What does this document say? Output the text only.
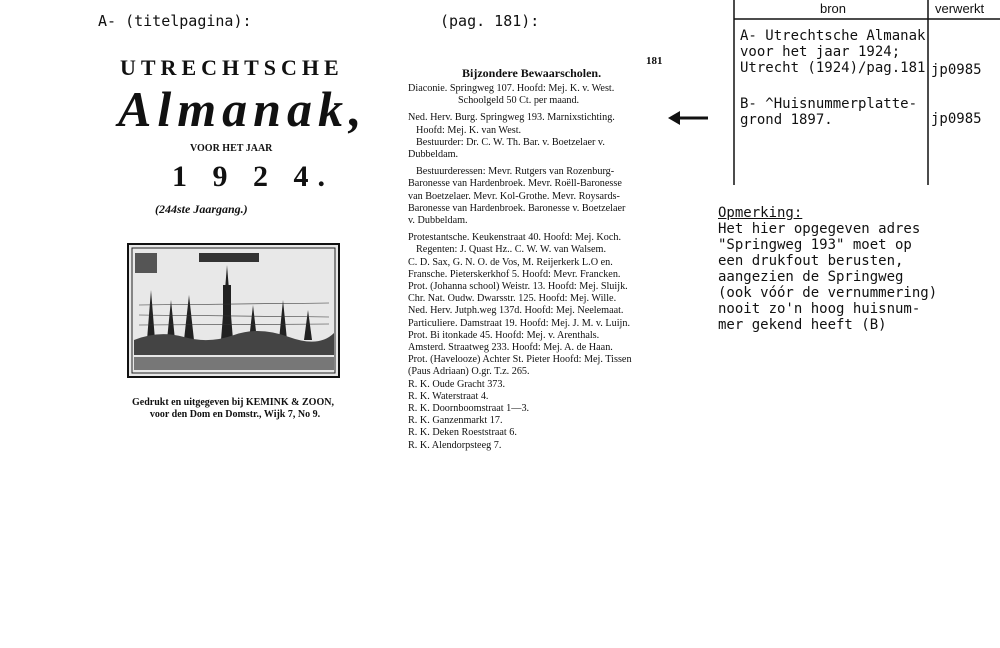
A- (titelpagina):
UTRECHTSCHE
Almanak,
VOOR HET JAAR
1 9 2 4.
(244ste Jaargang.)
Gedrukt en uitgegeven bij KEMINK & ZOON,
voor den Dom en Domstr., Wijk 7, No 9.
(pag. 181):
181
Bijzondere Bewaarscholen.
Diaconie. Springweg 107. Hoofd: Mej. K. v. West.
Schoolgeld 50 Ct. per maand.
Ned. Herv. Burg. Springweg 193. Marnixstichting.
Hoofd: Mej. K. van West.
Bestuurder: Dr. C. W. Th. Bar. v. Boetzelaer v.
Dubbeldam.
Bestuurderessen: Mevr. Rutgers van Rozenburg-
Baronesse van Hardenbroek. Mevr. Roëll-Baronesse
van Boetzelaer. Mevr. Kol-Grothe. Mevr. Roysards-
Baronesse van Hardenbroek. Baronesse v. Boetzelaer
v. Dubbeldam.
Protestantsche. Keukenstraat 40. Hoofd: Mej. Koch.
Regenten: J. Quast Hz.. C. W. W. van Walsem.
C. D. Sax, G. N. O. de Vos, M. Reijerkerk L.O en.
Fransche. Pieterskerkhof 5. Hoofd: Mevr. Francken.
Prot. (Johanna school) Weistr. 13. Hoofd: Mej. Sluijk.
Chr. Nat. Oudw. Dwarsstr. 125. Hoofd: Mej. Wille.
Ned. Herv. Jutph.weg 137d. Hoofd: Mej. Neelemaat.
Particuliere. Damstraat 19. Hoofd: Mej. J. M. v. Luijn.
Prot. Bi itonkade 45. Hoofd: Mej. v. Arenthals.
Amsterd. Straatweg 233. Hoofd: Mej. A. de Haan.
Prot. (Havelooze) Achter St. Pieter Hoofd: Mej. Tissen
(Paus Adriaan) O.gr. T.z. 265.
R. K. Oude Gracht 373.
R. K. Waterstraat 4.
R. K. Doornboomstraat 1—3.
R. K. Ganzenmarkt 17.
R. K. Deken Roeststraat 6.
R. K. Alendorpsteeg 7.
bron	verwerkt
A- Utrechtsche Almanak
voor het jaar 1924;
Utrecht (1924)/pag.181 jp0985
B- ^Huisnummerplatte-
grond 1897.	jp0985
Opmerking:
Het hier opgegeven adres
"Springweg 193" moet op
een drukfout berusten,
aangezien de Springweg
(ook vóór de vernummering)
nooit zo'n hoog huisnum-
mer gekend heeft (B)
